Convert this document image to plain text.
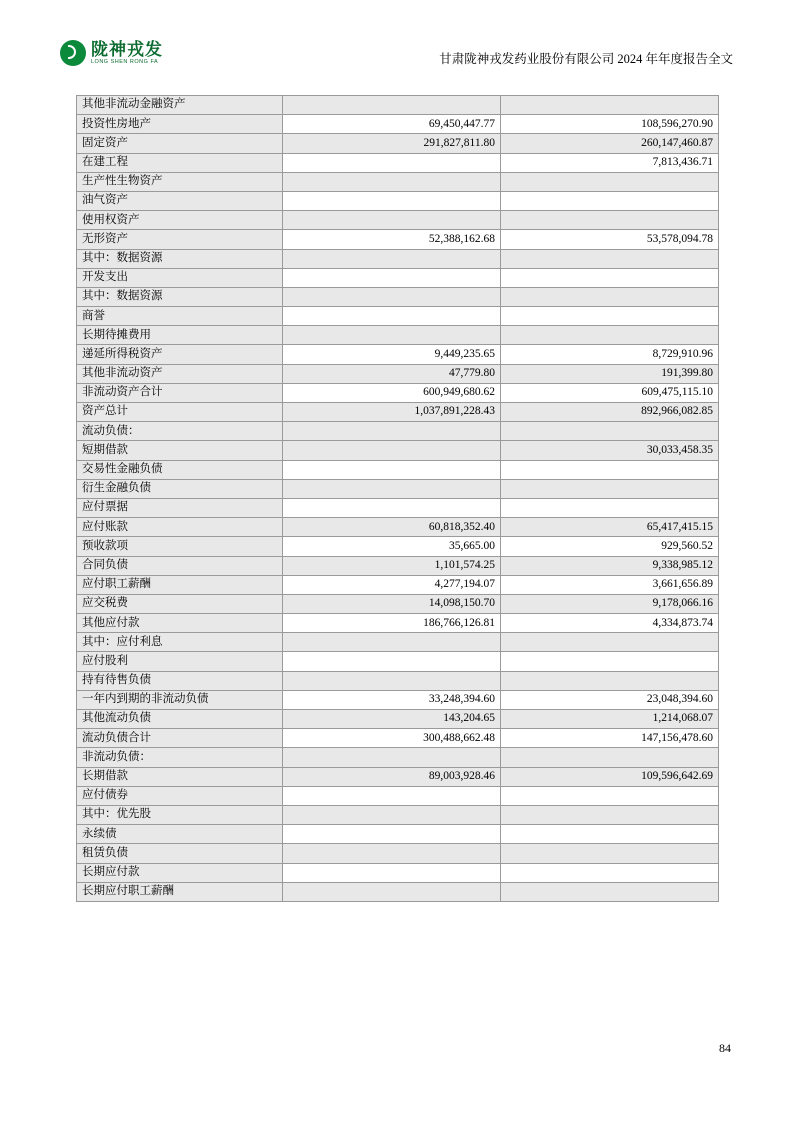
陇神戎发
LONG SHEN RONG FA	甘肃陇神戎发药业股份有限公司 2024 年年度报告全文
其他非流动金融资产		
投资性房地产	69,450,447.77	108,596,270.90
固定资产	291,827,811.80	260,147,460.87
在建工程		7,813,436.71
生产性生物资产		
油气资产		
使用权资产		
无形资产	52,388,162.68	53,578,094.78
其中：数据资源		
开发支出		
其中：数据资源		
商誉		
长期待摊费用		
递延所得税资产	9,449,235.65	8,729,910.96
其他非流动资产	47,779.80	191,399.80
非流动资产合计	600,949,680.62	609,475,115.10
资产总计	1,037,891,228.43	892,966,082.85
流动负债：		
短期借款		30,033,458.35
交易性金融负债		
衍生金融负债		
应付票据		
应付账款	60,818,352.40	65,417,415.15
预收款项	35,665.00	929,560.52
合同负债	1,101,574.25	9,338,985.12
应付职工薪酬	4,277,194.07	3,661,656.89
应交税费	14,098,150.70	9,178,066.16
其他应付款	186,766,126.81	4,334,873.74
其中：应付利息		
应付股利		
持有待售负债		
一年内到期的非流动负债	33,248,394.60	23,048,394.60
其他流动负债	143,204.65	1,214,068.07
流动负债合计	300,488,662.48	147,156,478.60
非流动负债：		
长期借款	89,003,928.46	109,596,642.69
应付债券		
其中：优先股		
永续债		
租赁负债		
长期应付款		
长期应付职工薪酬		
84
